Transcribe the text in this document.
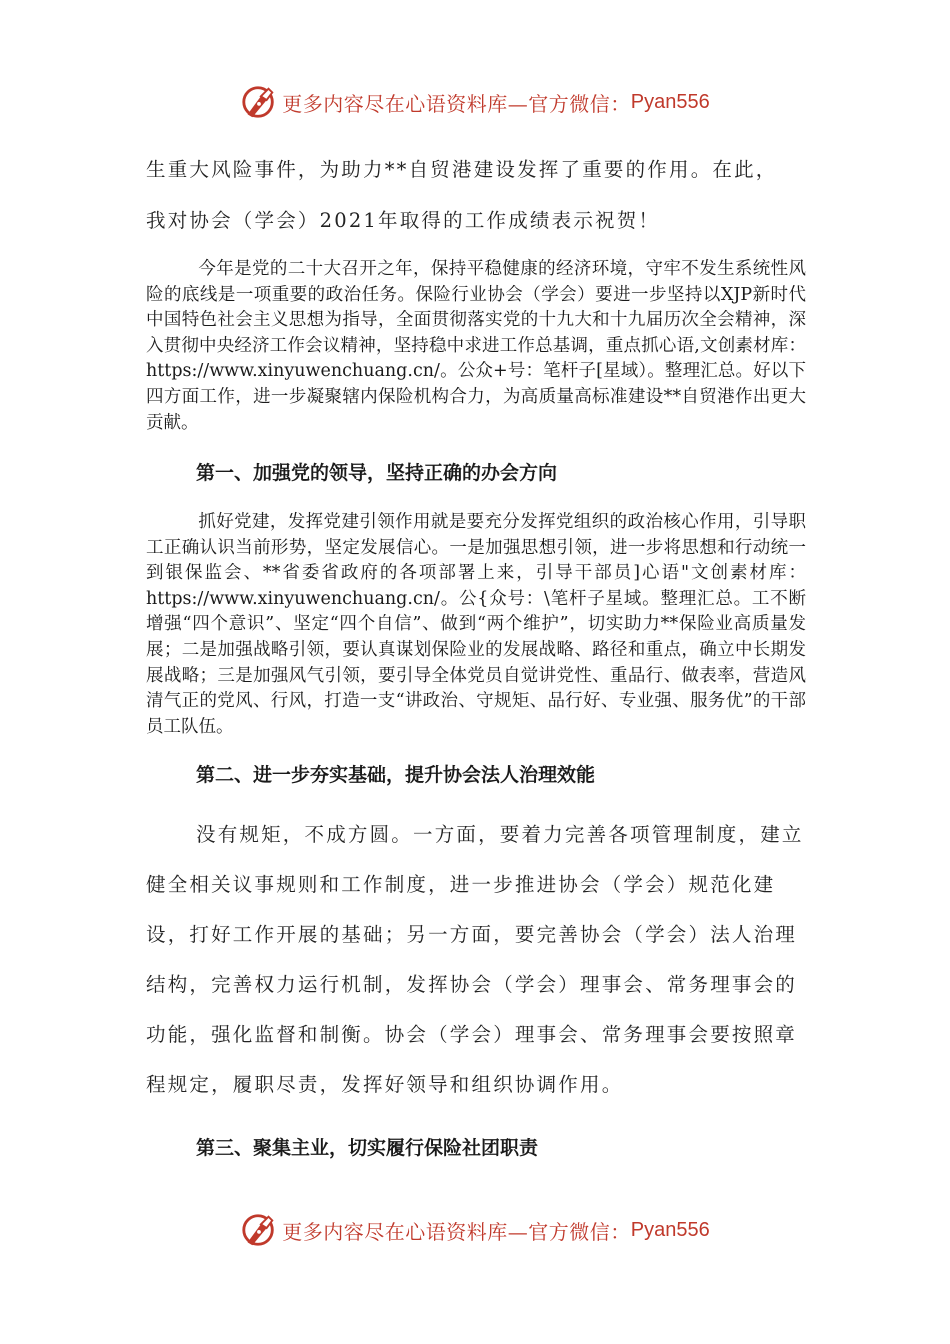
更多内容尽在心语资料库—官方微信： Pyan556
生重大风险事件，为助力**自贸港建设发挥了重要的作用。在此，
我对协会（学会）2021年取得的工作成绩表示祝贺！
今年是党的二十大召开之年，保持平稳健康的经济环境，守牢不发生系统性风险的底线是一项重要的政治任务。保险行业协会（学会）要进一步坚持以XJP新时代中国特色社会主义思想为指导，全面贯彻落实党的十九大和十九届历次全会精神，深入贯彻中央经济工作会议精神，坚持稳中求进工作总基调，重点抓心语,文创素材库：https://www.xinyuwenchuang.cn/。公众+号：笔杆子[星域）。整理汇总。好以下四方面工作，进一步凝聚辖内保险机构合力，为高质量高标准建设**自贸港作出更大贡献。
第一、加强党的领导，坚持正确的办会方向
抓好党建，发挥党建引领作用就是要充分发挥党组织的政治核心作用，引导职工正确认识当前形势，坚定发展信心。一是加强思想引领，进一步将思想和行动统一到银保监会、**省委省政府的各项部署上来，引导干部员]心语"文创素材库：https://www.xinyuwenchuang.cn/。公{众号：\笔杆子星域。整理汇总。工不断增强“四个意识”、坚定“四个自信”、做到“两个维护”，切实助力**保险业高质量发展；二是加强战略引领，要认真谋划保险业的发展战略、路径和重点，确立中长期发展战略；三是加强风气引领，要引导全体党员自觉讲党性、重品行、做表率，营造风清气正的党风、行风，打造一支“讲政治、守规矩、品行好、专业强、服务优”的干部员工队伍。
第二、进一步夯实基础，提升协会法人治理效能
没有规矩，不成方圆。一方面，要着力完善各项管理制度，建立健全相关议事规则和工作制度，进一步推进协会（学会）规范化建设，打好工作开展的基础；另一方面，要完善协会（学会）法人治理结构，完善权力运行机制，发挥协会（学会）理事会、常务理事会的功能，强化监督和制衡。协会（学会）理事会、常务理事会要按照章程规定，履职尽责，发挥好领导和组织协调作用。
第三、聚集主业，切实履行保险社团职责
更多内容尽在心语资料库—官方微信： Pyan556
